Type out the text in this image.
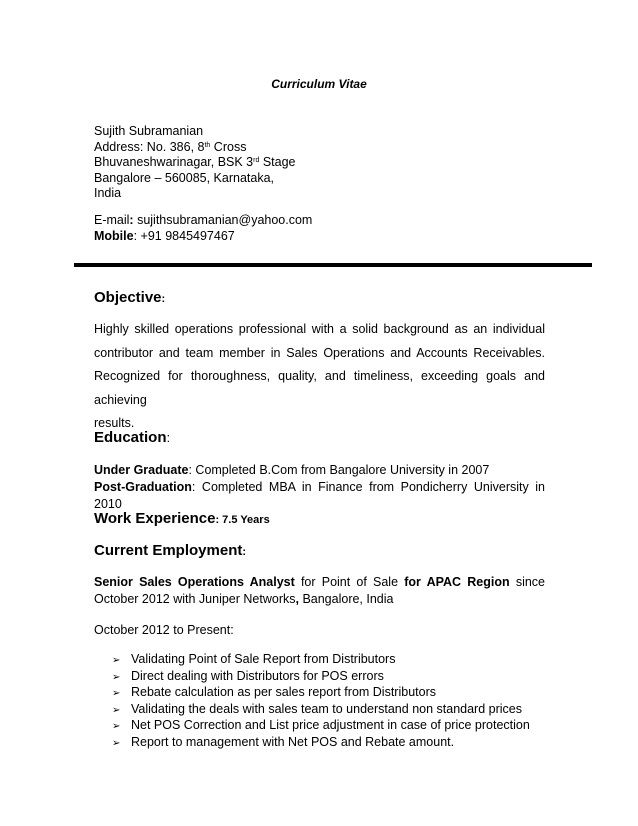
Curriculum Vitae
Sujith Subramanian
Address: No. 386, 8th Cross
Bhuvaneshwarinagar, BSK 3rd Stage
Bangalore – 560085, Karnataka,
India
E-mail: sujithsubramanian@yahoo.com
Mobile: +91 9845497467
Objective:
Highly skilled operations professional with a solid background as an individual
contributor and team member in Sales Operations and Accounts Receivables.
Recognized for thoroughness, quality, and timeliness, exceeding goals and achieving
results.
Education:
Under Graduate: Completed B.Com from Bangalore University in 2007
Post-Graduation: Completed MBA in Finance from Pondicherry University in 2010
Work Experience: 7.5 Years
Current Employment:
Senior Sales Operations Analyst for Point of Sale for APAC Region since October 2012 with Juniper Networks, Bangalore, India
October 2012 to Present:
➢ Validating Point of Sale Report from Distributors
➢ Direct dealing with Distributors for POS errors
➢ Rebate calculation as per sales report from Distributors
➢ Validating the deals with sales team to understand non standard prices
➢ Net POS Correction and List price adjustment in case of price protection
➢ Report to management with Net POS and Rebate amount.
